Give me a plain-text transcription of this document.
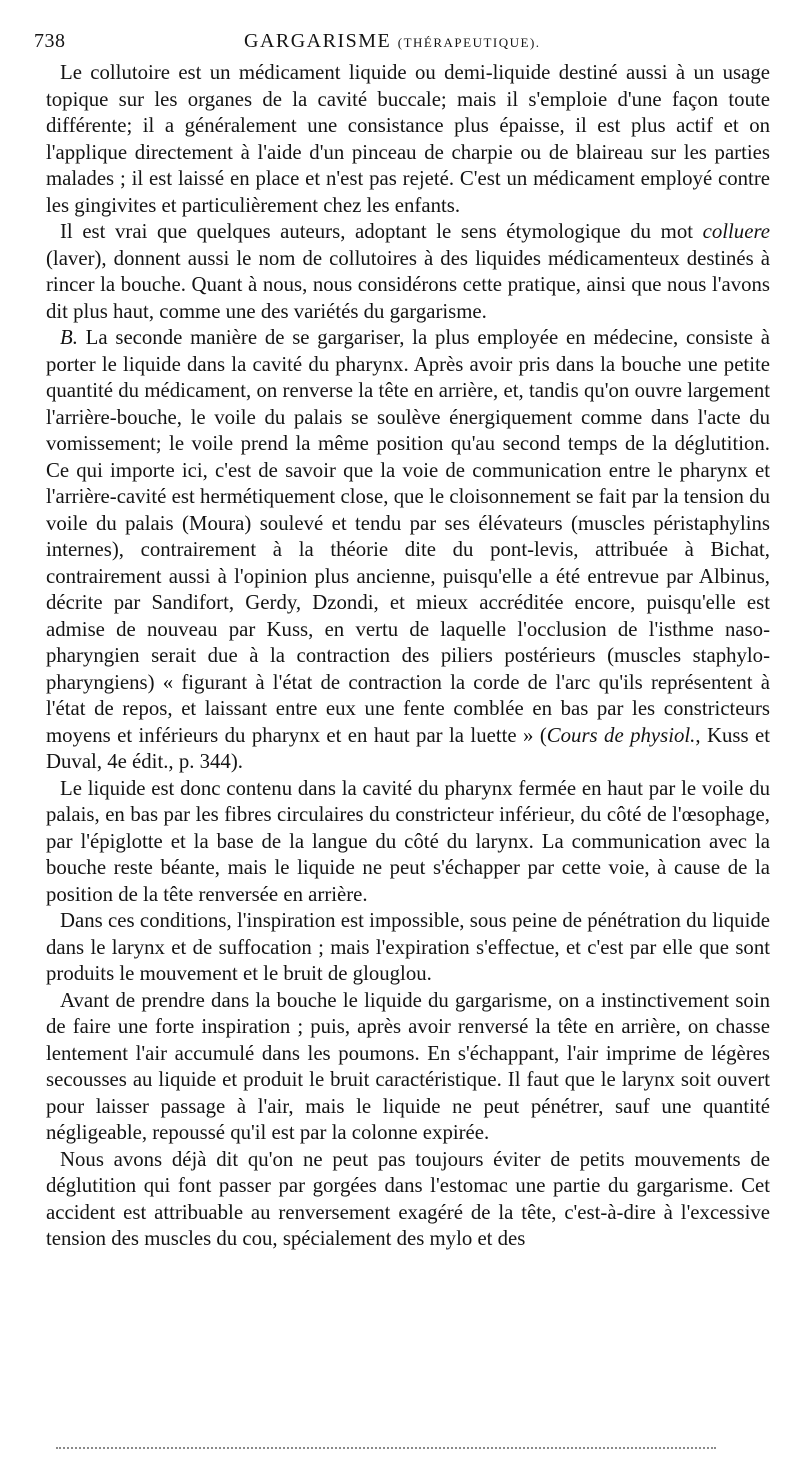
738	GARGARISME (THÉRAPEUTIQUE).

Le collutoire est un médicament liquide ou demi-liquide destiné aussi à un usage topique sur les organes de la cavité buccale; mais il s'emploie d'une façon toute différente; il a généralement une consistance plus épaisse, il est plus actif et on l'applique directement à l'aide d'un pinceau de charpie ou de blaireau sur les parties malades ; il est laissé en place et n'est pas rejeté. C'est un médicament employé contre les gingivites et particulièrement chez les enfants.

Il est vrai que quelques auteurs, adoptant le sens étymologique du mot colluere (laver), donnent aussi le nom de collutoires à des liquides médicamenteux destinés à rincer la bouche. Quant à nous, nous considérons cette pratique, ainsi que nous l'avons dit plus haut, comme une des variétés du gargarisme.

B. La seconde manière de se gargariser, la plus employée en médecine, consiste à porter le liquide dans la cavité du pharynx. Après avoir pris dans la bouche une petite quantité du médicament, on renverse la tête en arrière, et, tandis qu'on ouvre largement l'arrière-bouche, le voile du palais se soulève énergiquement comme dans l'acte du vomissement; le voile prend la même position qu'au second temps de la déglutition. Ce qui importe ici, c'est de savoir que la voie de communication entre le pharynx et l'arrière-cavité est hermétiquement close, que le cloisonnement se fait par la tension du voile du palais (Moura) soulevé et tendu par ses élévateurs (muscles péristaphylins internes), contrairement à la théorie dite du pont-levis, attribuée à Bichat, contrairement aussi à l'opinion plus ancienne, puisqu'elle a été entrevue par Albinus, décrite par Sandifort, Gerdy, Dzondi, et mieux accréditée encore, puisqu'elle est admise de nouveau par Kuss, en vertu de laquelle l'occlusion de l'isthme naso-pharyngien serait due à la contraction des piliers postérieurs (muscles staphylo-pharyngiens) « figurant à l'état de contraction la corde de l'arc qu'ils représentent à l'état de repos, et laissant entre eux une fente comblée en bas par les constricteurs moyens et inférieurs du pharynx et en haut par la luette » (Cours de physiol., Kuss et Duval, 4e édit., p. 344).

Le liquide est donc contenu dans la cavité du pharynx fermée en haut par le voile du palais, en bas par les fibres circulaires du constricteur inférieur, du côté de l'œsophage, par l'épiglotte et la base de la langue du côté du larynx. La communication avec la bouche reste béante, mais le liquide ne peut s'échapper par cette voie, à cause de la position de la tête renversée en arrière.

Dans ces conditions, l'inspiration est impossible, sous peine de pénétration du liquide dans le larynx et de suffocation ; mais l'expiration s'effectue, et c'est par elle que sont produits le mouvement et le bruit de glouglou.

Avant de prendre dans la bouche le liquide du gargarisme, on a instinctivement soin de faire une forte inspiration ; puis, après avoir renversé la tête en arrière, on chasse lentement l'air accumulé dans les poumons. En s'échappant, l'air imprime de légères secousses au liquide et produit le bruit caractéristique. Il faut que le larynx soit ouvert pour laisser passage à l'air, mais le liquide ne peut pénétrer, sauf une quantité négligeable, repoussé qu'il est par la colonne expirée.

Nous avons déjà dit qu'on ne peut pas toujours éviter de petits mouvements de déglutition qui font passer par gorgées dans l'estomac une partie du gargarisme. Cet accident est attribuable au renversement exagéré de la tête, c'est-à-dire à l'excessive tension des muscles du cou, spécialement des mylo et des
